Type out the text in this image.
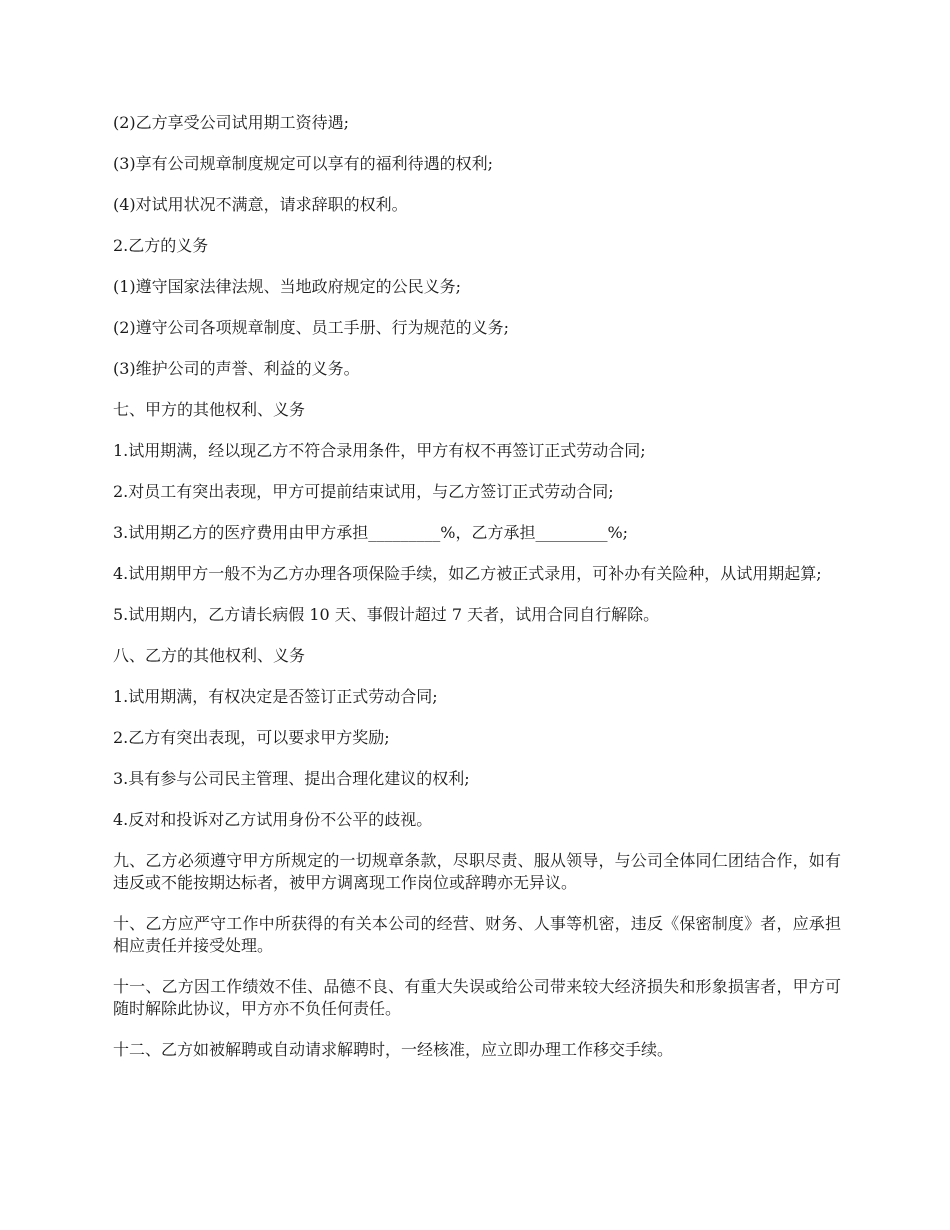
(2)乙方享受公司试用期工资待遇;

(3)享有公司规章制度规定可以享有的福利待遇的权利;

(4)对试用状况不满意，请求辞职的权利。

2.乙方的义务

(1)遵守国家法律法规、当地政府规定的公民义务;

(2)遵守公司各项规章制度、员工手册、行为规范的义务;

(3)维护公司的声誉、利益的义务。

七、甲方的其他权利、义务

1.试用期满，经以现乙方不符合录用条件，甲方有权不再签订正式劳动合同;

2.对员工有突出表现，甲方可提前结束试用，与乙方签订正式劳动合同;

3.试用期乙方的医疗费用由甲方承担_________%，乙方承担_________%;

4.试用期甲方一般不为乙方办理各项保险手续，如乙方被正式录用，可补办有关险种，从试用期起算;

5.试用期内，乙方请长病假 10 天、事假计超过 7 天者，试用合同自行解除。

八、乙方的其他权利、义务

1.试用期满，有权决定是否签订正式劳动合同;

2.乙方有突出表现，可以要求甲方奖励;

3.具有参与公司民主管理、提出合理化建议的权利;

4.反对和投诉对乙方试用身份不公平的歧视。

九、乙方必须遵守甲方所规定的一切规章条款，尽职尽责、服从领导，与公司全体同仁团结合作，如有违反或不能按期达标者，被甲方调离现工作岗位或辞聘亦无异议。

十、乙方应严守工作中所获得的有关本公司的经营、财务、人事等机密，违反《保密制度》者，应承担相应责任并接受处理。

十一、乙方因工作绩效不佳、品德不良、有重大失误或给公司带来较大经济损失和形象损害者，甲方可随时解除此协议，甲方亦不负任何责任。

十二、乙方如被解聘或自动请求解聘时，一经核准，应立即办理工作移交手续。
